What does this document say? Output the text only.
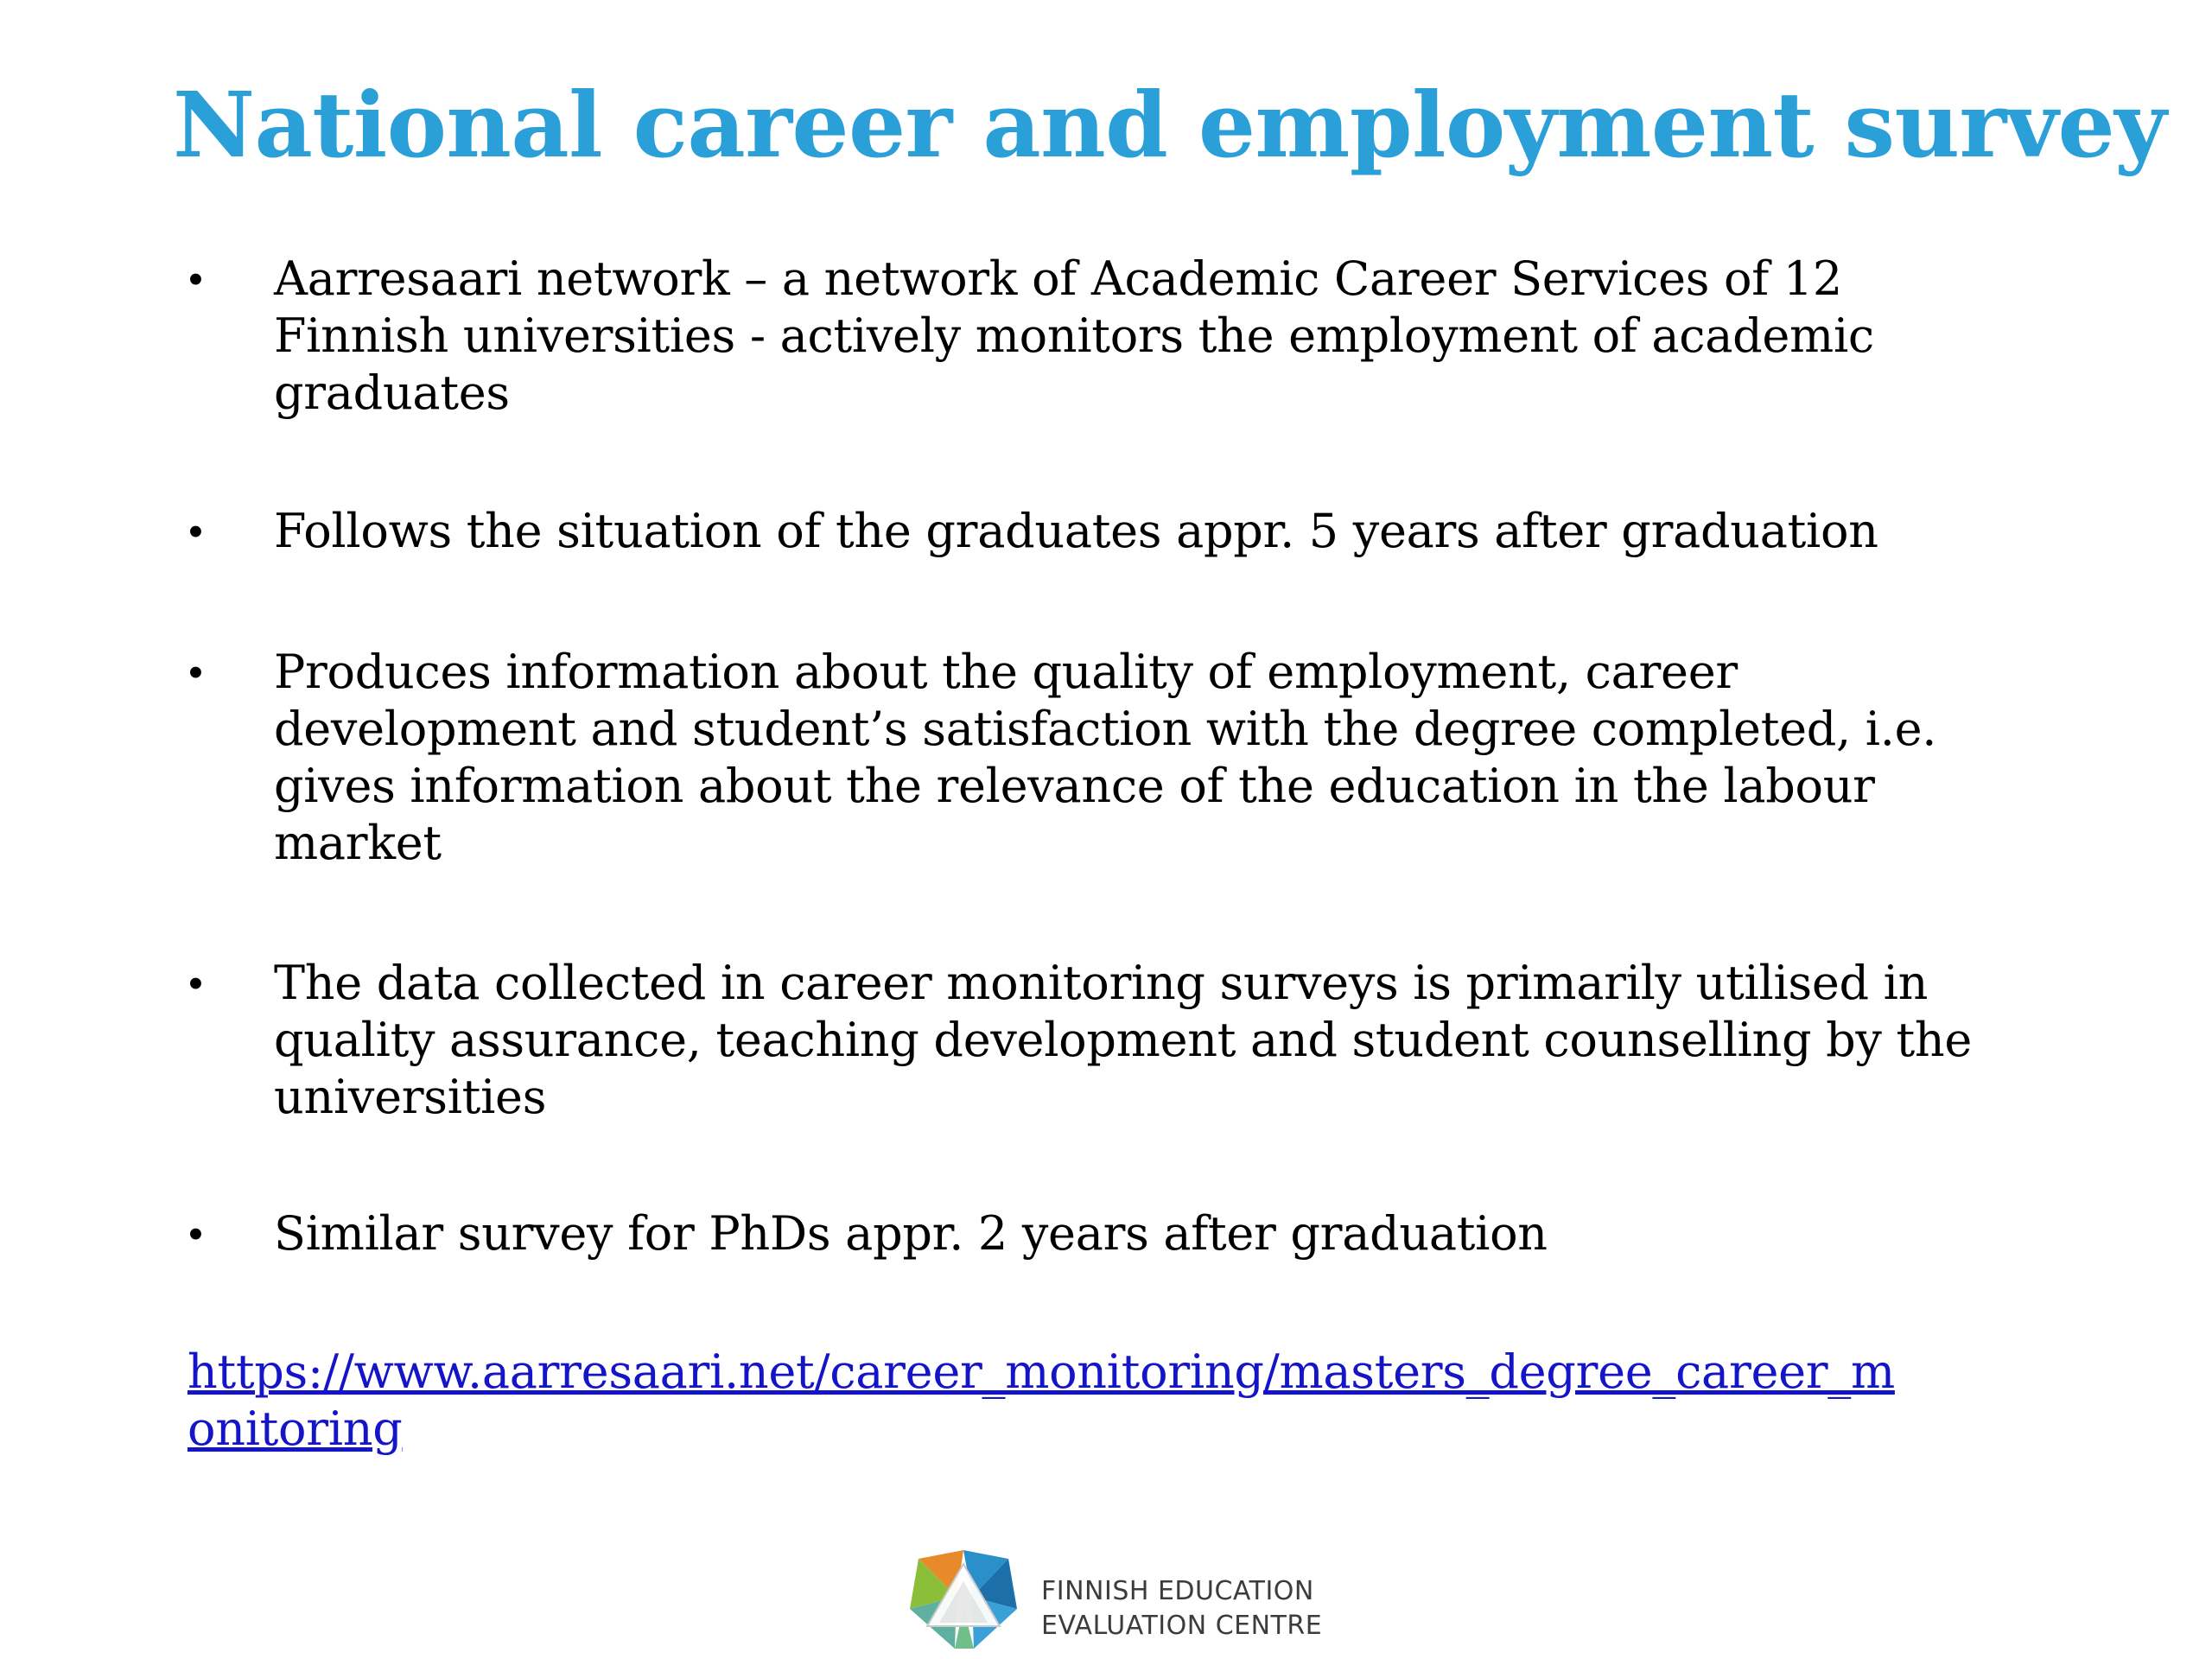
National career and employment survey
• Aarresaari network – a network of Academic Career Services of 12
Finnish universities - actively monitors the employment of academic
graduates
• Follows the situation of the graduates appr. 5 years after graduation
• Produces information about the quality of employment, career
development and student’s satisfaction with the degree completed, i.e.
gives information about the relevance of the education in the labour
market
• The data collected in career monitoring surveys is primarily utilised in
quality assurance, teaching development and student counselling by the
universities
• Similar survey for PhDs appr. 2 years after graduation
https://www.aarresaari.net/career_monitoring/masters_degree_career_m
onitoring
FINNISH EDUCATION
EVALUATION CENTRE
